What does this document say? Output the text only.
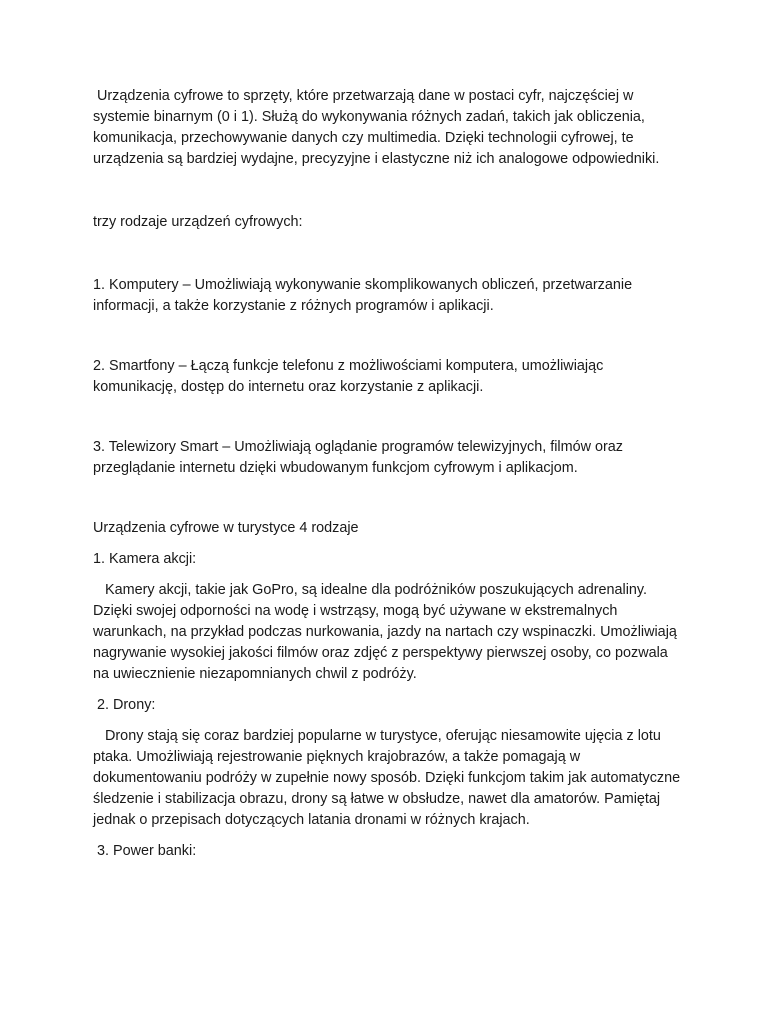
Urządzenia cyfrowe to sprzęty, które przetwarzają dane w postaci cyfr, najczęściej w systemie binarnym (0 i 1). Służą do wykonywania różnych zadań, takich jak obliczenia, komunikacja, przechowywanie danych czy multimedia. Dzięki technologii cyfrowej, te urządzenia są bardziej wydajne, precyzyjne i elastyczne niż ich analogowe odpowiedniki.

trzy rodzaje urządzeń cyfrowych:

1. Komputery – Umożliwiają wykonywanie skomplikowanych obliczeń, przetwarzanie informacji, a także korzystanie z różnych programów i aplikacji.

2. Smartfony – Łączą funkcje telefonu z możliwościami komputera, umożliwiając komunikację, dostęp do internetu oraz korzystanie z aplikacji.

3. Telewizory Smart – Umożliwiają oglądanie programów telewizyjnych, filmów oraz przeglądanie internetu dzięki wbudowanym funkcjom cyfrowym i aplikacjom.

Urządzenia cyfrowe w turystyce 4 rodzaje

1. Kamera akcji:

Kamery akcji, takie jak GoPro, są idealne dla podróżników poszukujących adrenaliny. Dzięki swojej odporności na wodę i wstrząsy, mogą być używane w ekstremalnych warunkach, na przykład podczas nurkowania, jazdy na nartach czy wspinaczki. Umożliwiają nagrywanie wysokiej jakości filmów oraz zdjęć z perspektywy pierwszej osoby, co pozwala na uwiecznienie niezapomnianych chwil z podróży.

2. Drony:

Drony stają się coraz bardziej popularne w turystyce, oferując niesamowite ujęcia z lotu ptaka. Umożliwiają rejestrowanie pięknych krajobrazów, a także pomagają w dokumentowaniu podróży w zupełnie nowy sposób. Dzięki funkcjom takim jak automatyczne śledzenie i stabilizacja obrazu, drony są łatwe w obsłudze, nawet dla amatorów. Pamiętaj jednak o przepisach dotyczących latania dronami w różnych krajach.

3. Power banki:
